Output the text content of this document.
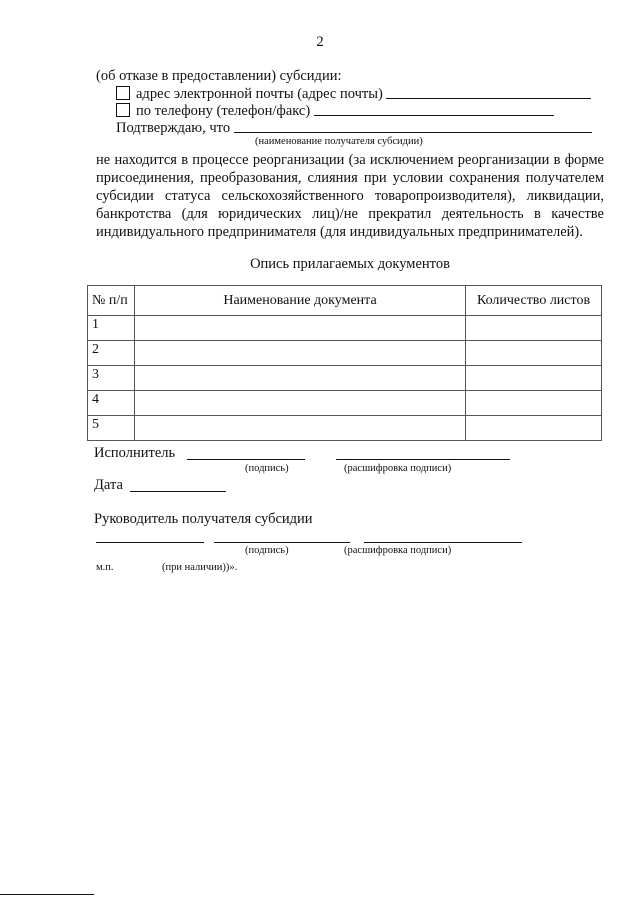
2
(об отказе в предоставлении) субсидии:
адрес электронной почты (адрес почты)
по телефону (телефон/факс)
Подтверждаю, что
(наименование получателя субсидии)

не находится в процессе реорганизации (за исключением реорганизации в форме присоединения, преобразования, слияния при условии сохранения получателем субсидии статуса сельскохозяйственного товаропроизводителя), ликвидации, банкротства (для юридических лиц)/не прекратил деятельность в качестве индивидуального предпринимателя (для индивидуальных предпринимателей).

Опись прилагаемых документов
№ п/п	Наименование документа	Количество листов
1		
2		
3		
4		
5		
Исполнитель
(подпись)	(расшифровка подписи)
Дата
Руководитель получателя субсидии
(подпись)	(расшифровка подписи)
м.п.	(при наличии))».
